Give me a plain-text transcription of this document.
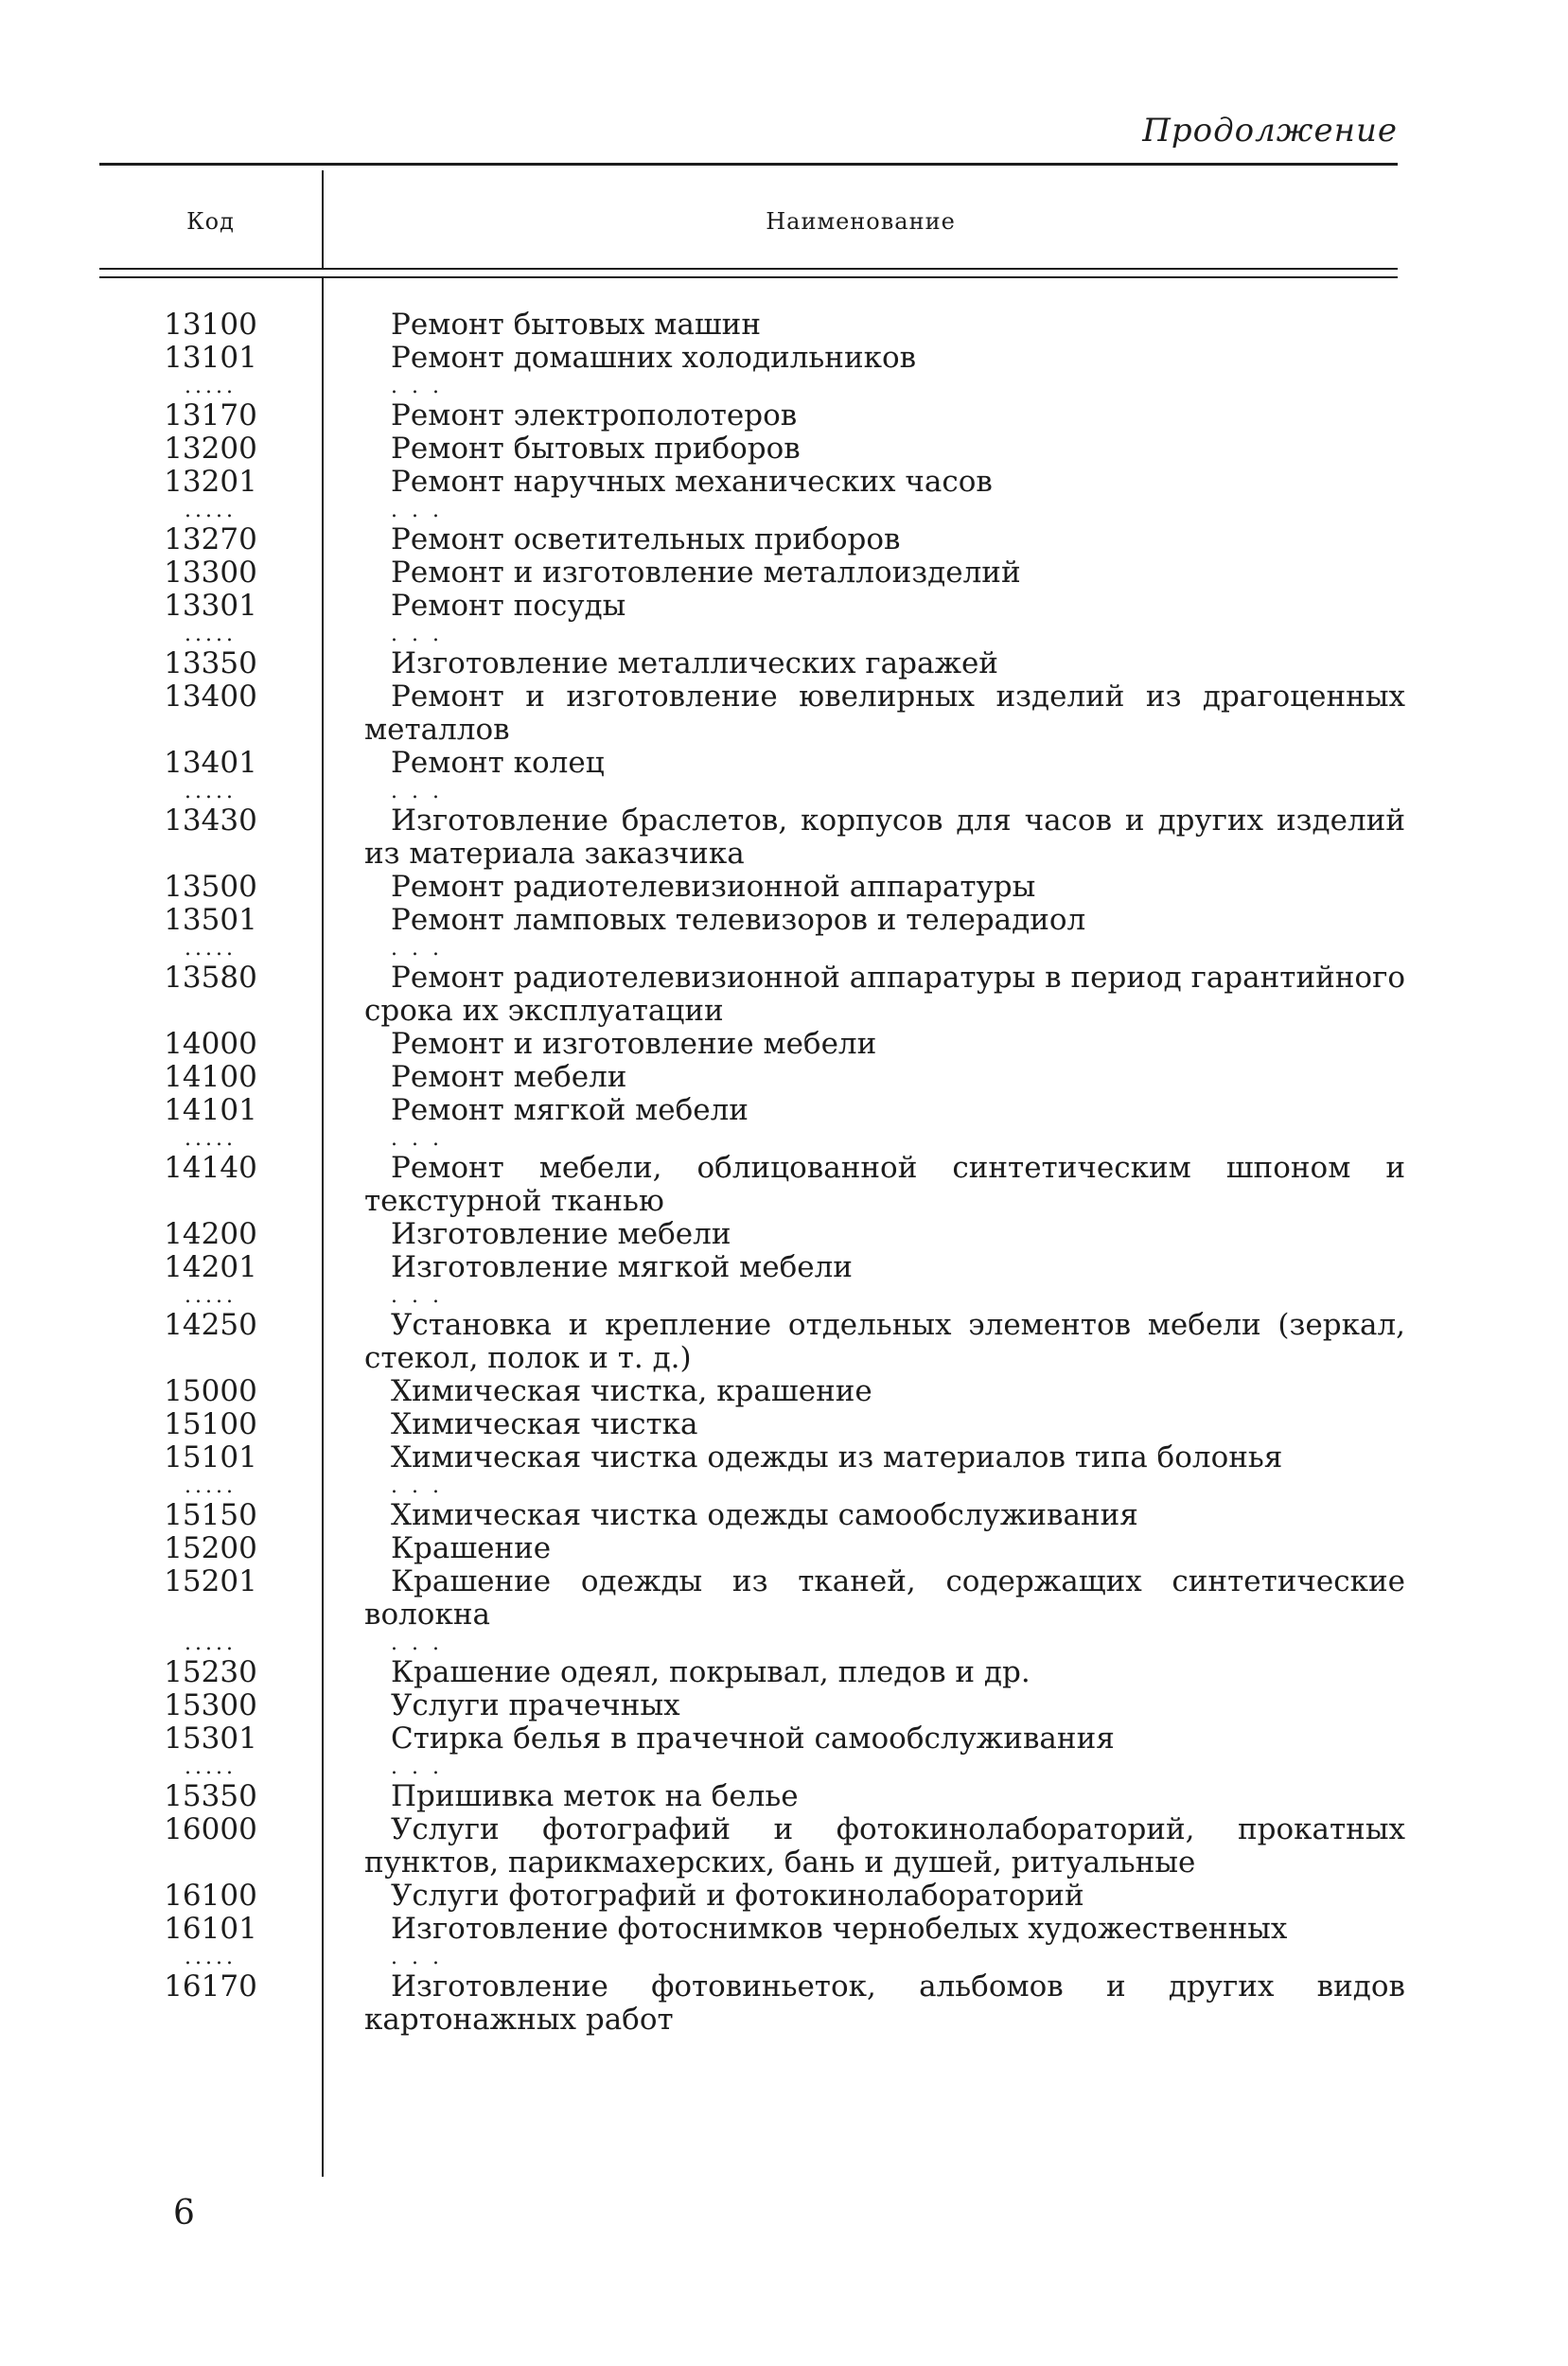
Продолжение
Код	Наименование
13100	Ремонт бытовых машин
13101	Ремонт домашних холодильников
.....	. . .
13170	Ремонт электрополотеров
13200	Ремонт бытовых приборов
13201	Ремонт наручных механических часов
.....	. . .
13270	Ремонт осветительных приборов
13300	Ремонт и изготовление металлоизделий
13301	Ремонт посуды
.....	. . .
13350	Изготовление металлических гаражей
13400	Ремонт и изготовление ювелирных изделий из драгоценных металлов
13401	Ремонт колец
.....	. . .
13430	Изготовление браслетов, корпусов для часов и других изделий из материала заказчика
13500	Ремонт радиотелевизионной аппаратуры
13501	Ремонт ламповых телевизоров и телерадиол
.....	. . .
13580	Ремонт радиотелевизионной аппаратуры в период гарантийного срока их эксплуатации
14000	Ремонт и изготовление мебели
14100	Ремонт мебели
14101	Ремонт мягкой мебели
.....	. . .
14140	Ремонт мебели, облицованной синтетическим шпоном и текстурной тканью
14200	Изготовление мебели
14201	Изготовление мягкой мебели
.....	. . .
14250	Установка и крепление отдельных элементов мебели (зеркал, стекол, полок и т. д.)
15000	Химическая чистка, крашение
15100	Химическая чистка
15101	Химическая чистка одежды из материалов типа болонья
.....	. . .
15150	Химическая чистка одежды самообслуживания
15200	Крашение
15201	Крашение одежды из тканей, содержащих синтетические волокна
.....	. . .
15230	Крашение одеял, покрывал, пледов и др.
15300	Услуги прачечных
15301	Стирка белья в прачечной самообслуживания
.....	. . .
15350	Пришивка меток на белье
16000	Услуги фотографий и фотокинолабораторий, прокатных пунктов, парикмахерских, бань и душей, ритуальные
16100	Услуги фотографий и фотокинолабораторий
16101	Изготовление фотоснимков чернобелых художественных
.....	. . .
16170	Изготовление фотовиньеток, альбомов и других видов картонажных работ
6
